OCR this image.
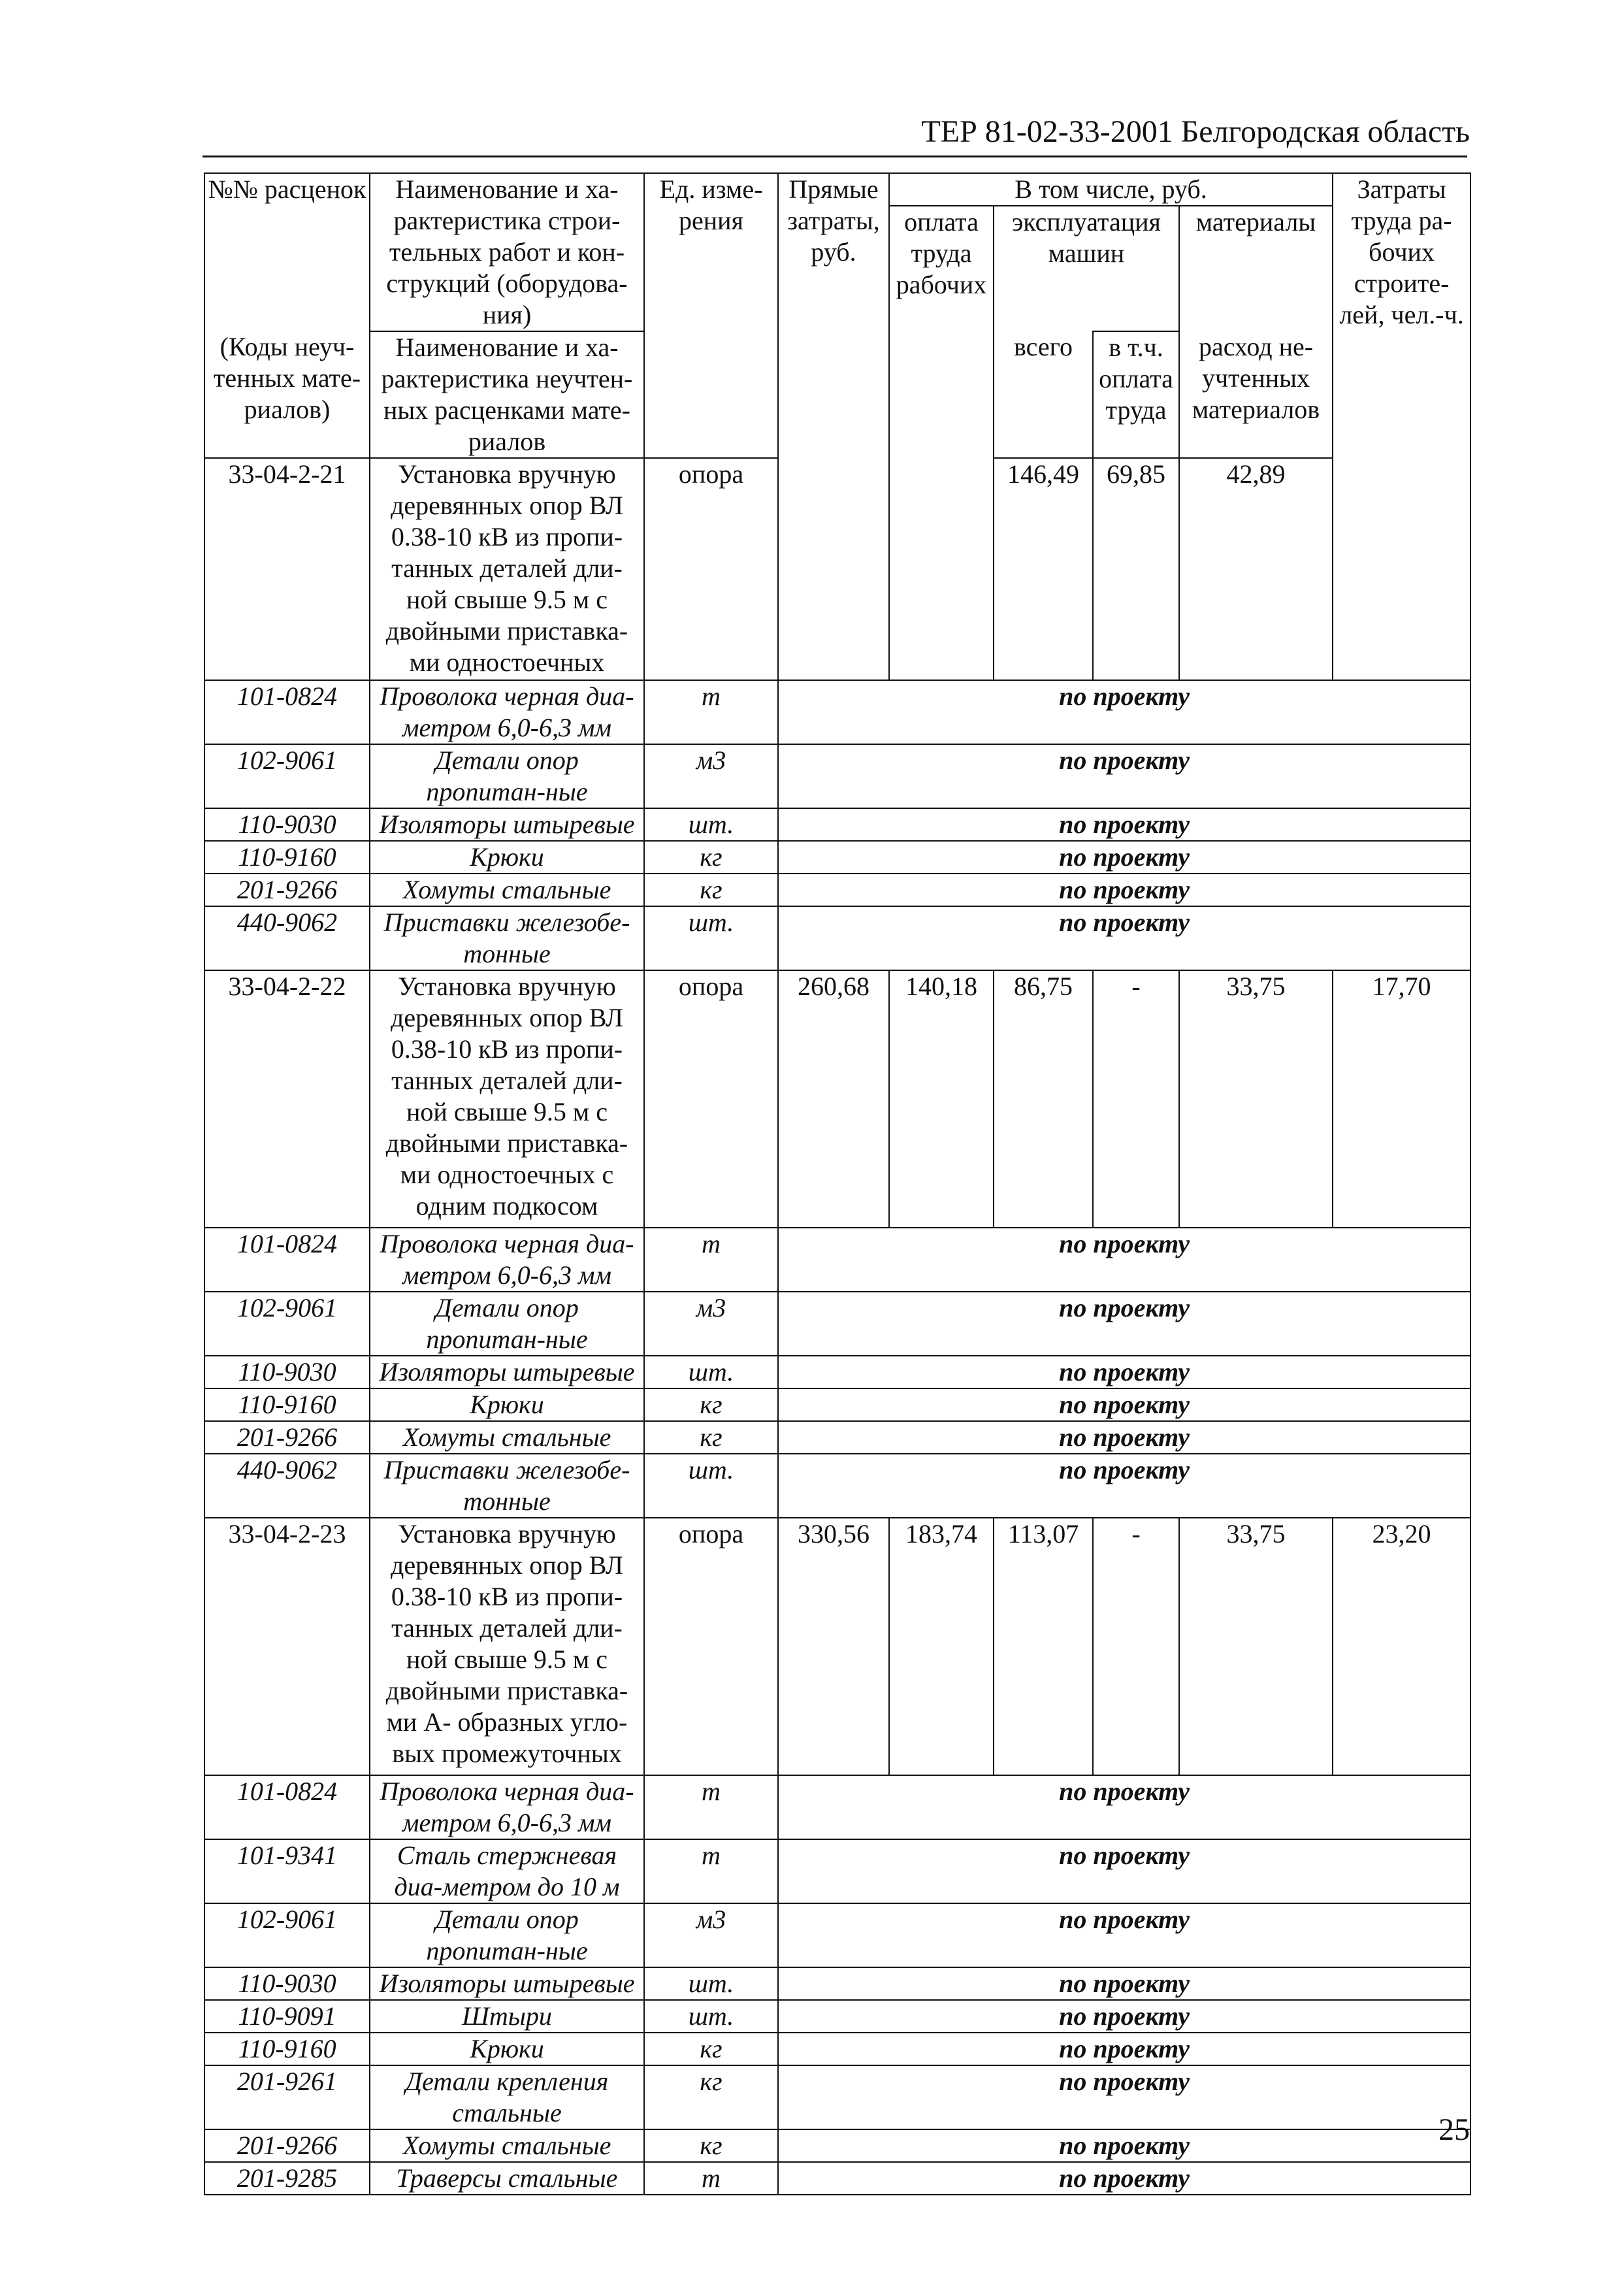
ТЕР 81-02-33-2001 Белгородская область
№№ расценок	Наименование и ха-рактеристика строи-тельных работ и кон-струкций (оборудова-ния)	Ед. изме-рения	Прямые затраты, руб.	В том числе, руб.				Затраты труда ра-бочих строите-лей, чел.-ч.	
				оплата труда рабочих	эксплуатация машин		материалы		
(Коды неуч-тенных мате-риалов)	Наименование и ха-рактеристика неучтен-ных расценками мате-риалов				всего	в т.ч. оплата труда	расход не-учтенных материалов		
33-04-2-21	Установка вручную деревянных опор ВЛ 0.38-10 кВ из пропи-танных деталей дли-ной свыше 9.5 м с двойными приставка-ми одностоечных	опора			146,49	69,85	42,89			
101-0824	Проволока черная диа-метром 6,0-6,3 мм	т	по проекту						
102-9061	Детали опор пропитан-ные	м3	по проекту						
110-9030	Изоляторы штыревые	шт.	по проекту						
110-9160	Крюки	кг	по проекту						
201-9266	Хомуты стальные	кг	по проекту						
440-9062	Приставки железобе-тонные	шт.	по проекту						
33-04-2-22	Установка вручную деревянных опор ВЛ 0.38-10 кВ из пропи-танных деталей дли-ной свыше 9.5 м с двойными приставка-ми одностоечных с одним подкосом	опора	260,68	140,18	86,75	-	33,75	17,70	
101-0824	Проволока черная диа-метром 6,0-6,3 мм	т	по проекту						
102-9061	Детали опор пропитан-ные	м3	по проекту						
110-9030	Изоляторы штыревые	шт.	по проекту						
110-9160	Крюки	кг	по проекту						
201-9266	Хомуты стальные	кг	по проекту						
440-9062	Приставки железобе-тонные	шт.	по проекту						
33-04-2-23	Установка вручную деревянных опор ВЛ 0.38-10 кВ из пропи-танных деталей дли-ной свыше 9.5 м с двойными приставка-ми А- образных угло-вых промежуточных	опора	330,56	183,74	113,07	-	33,75	23,20	
101-0824	Проволока черная диа-метром 6,0-6,3 мм	т	по проекту						
101-9341	Сталь стержневая диа-метром до 10 м	т	по проекту						
102-9061	Детали опор пропитан-ные	м3	по проекту						
110-9030	Изоляторы штыревые	шт.	по проекту						
110-9091	Штыри	шт.	по проекту						
110-9160	Крюки	кг	по проекту						
201-9261	Детали крепления стальные	кг	по проекту						
201-9266	Хомуты стальные	кг	по проекту						
201-9285	Траверсы стальные	т	по проекту						
25
